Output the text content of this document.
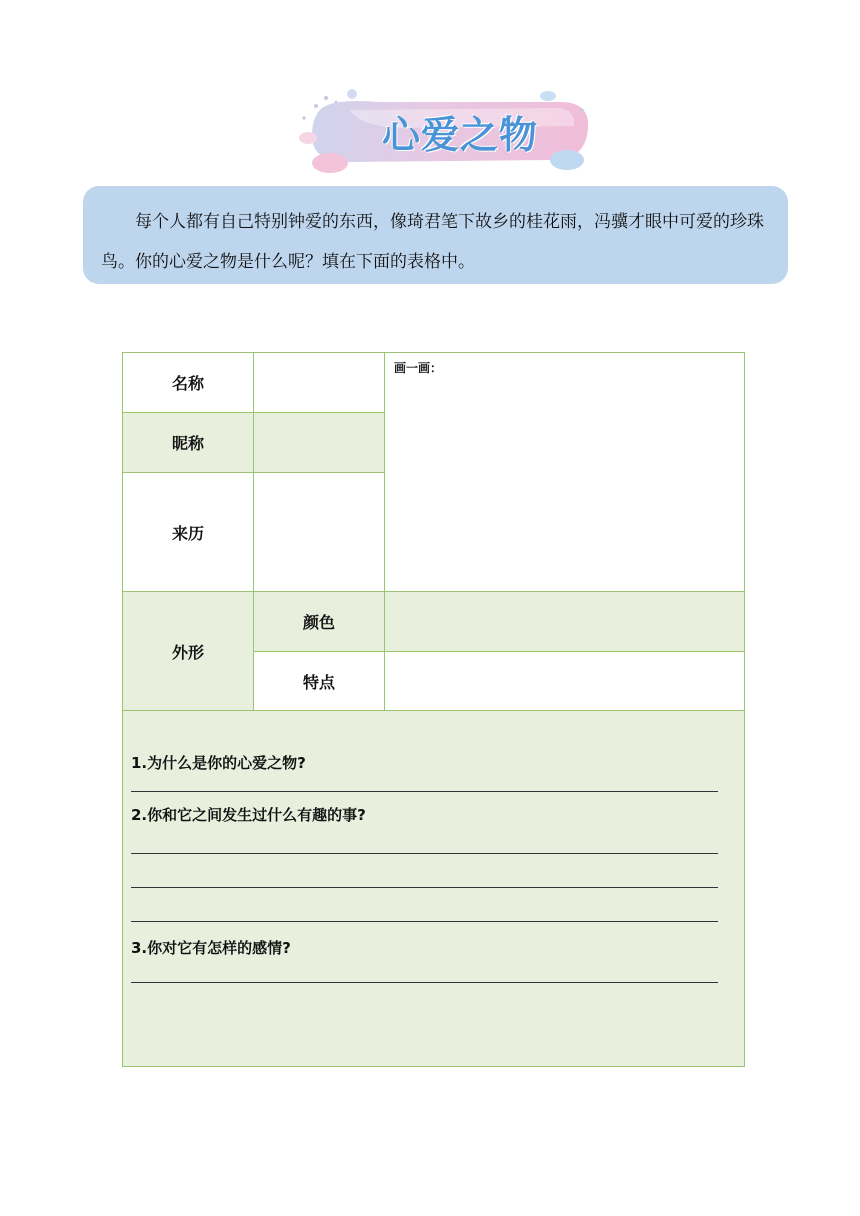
心爱之物
每个人都有自己特别钟爱的东西，像琦君笔下故乡的桂花雨，冯骥才眼中可爱的珍珠鸟。你的心爱之物是什么呢？填在下面的表格中。
名称		画一画：

昵称		
来历		
外形	颜色	
	特点	

1.为什么是你的心爱之物?

2.你和它之间发生过什么有趣的事?

3.你对它有怎样的感情?		
